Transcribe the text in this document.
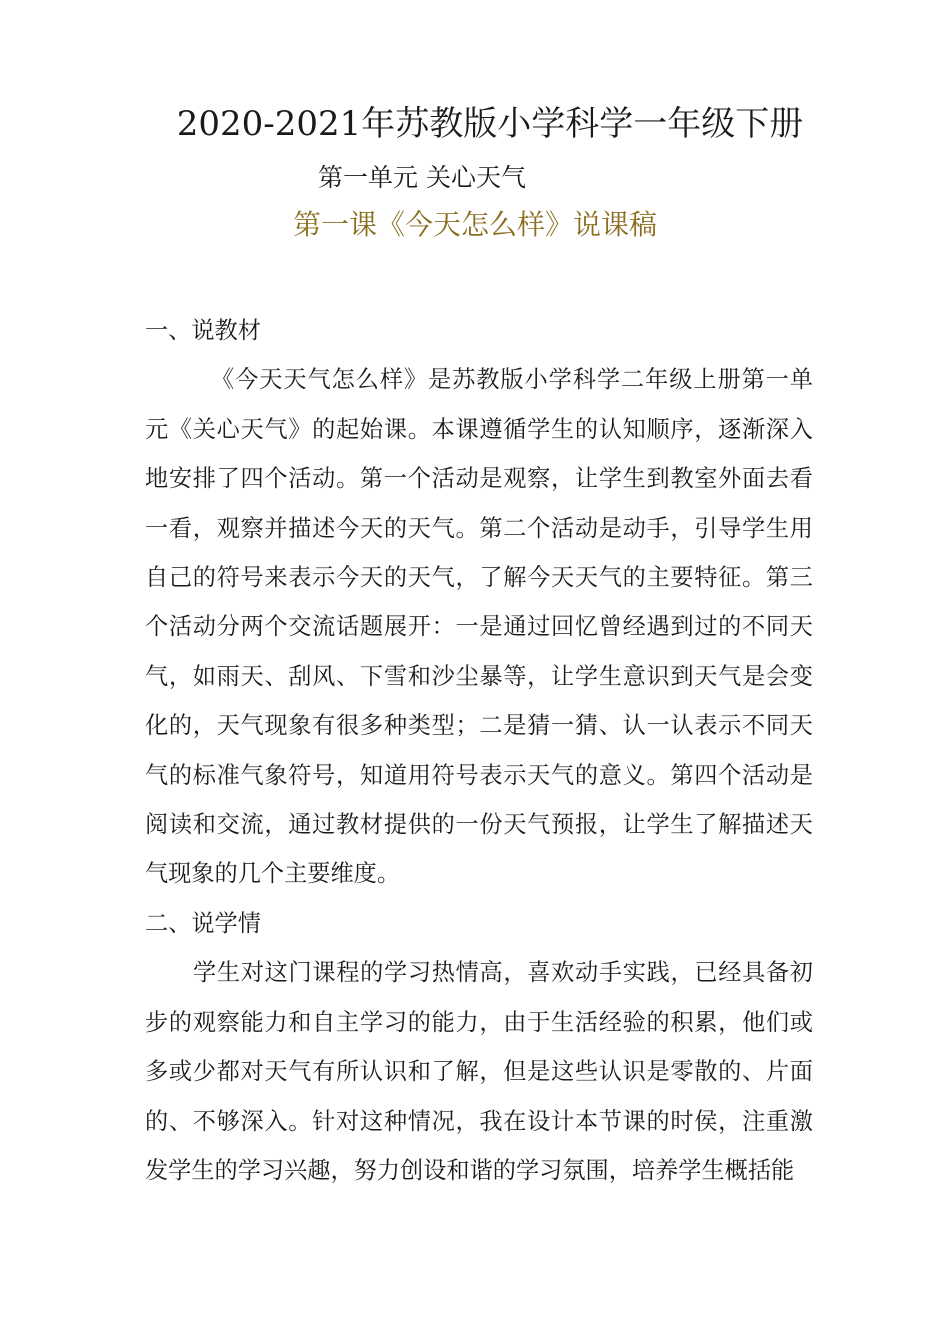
2020-2021年苏教版小学科学一年级下册
第一单元 关心天气
第一课《今天怎么样》说课稿

一、说教材

《今天天气怎么样》是苏教版小学科学二年级上册第一单元《关心天气》的起始课。本课遵循学生的认知顺序，逐渐深入地安排了四个活动。第一个活动是观察，让学生到教室外面去看一看，观察并描述今天的天气。第二个活动是动手，引导学生用自己的符号来表示今天的天气，了解今天天气的主要特征。第三个活动分两个交流话题展开：一是通过回忆曾经遇到过的不同天气，如雨天、刮风、下雪和沙尘暴等，让学生意识到天气是会变化的，天气现象有很多种类型；二是猜一猜、认一认表示不同天气的标准气象符号，知道用符号表示天气的意义。第四个活动是阅读和交流，通过教材提供的一份天气预报，让学生了解描述天气现象的几个主要维度。

二、说学情

学生对这门课程的学习热情高，喜欢动手实践，已经具备初步的观察能力和自主学习的能力，由于生活经验的积累，他们或多或少都对天气有所认识和了解，但是这些认识是零散的、片面的、不够深入。针对这种情况，我在设计本节课的时侯，注重激发学生的学习兴趣，努力创设和谐的学习氛围，培养学生概括能
